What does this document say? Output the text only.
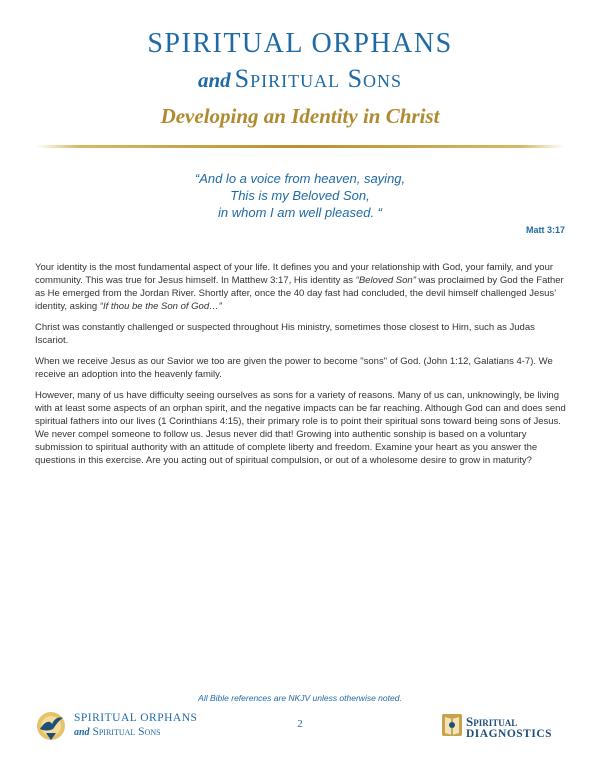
SPIRITUAL ORPHANS
and Spiritual Sons
Developing an Identity in Christ
“And lo a voice from heaven, saying,
This is my Beloved Son,
in whom I am well pleased. “
Matt 3:17

Your identity is the most fundamental aspect of your life. It defines you and your relationship with God, your family, and your community. This was true for Jesus himself. In Matthew 3:17, His identity as “Beloved Son” was proclaimed by God the Father as He emerged from the Jordan River. Shortly after, once the 40 day fast had concluded, the devil himself challenged Jesus’ identity, asking “If thou be the Son of God…”

Christ was constantly challenged or suspected throughout His ministry, sometimes those closest to Him, such as Judas Iscariot.

When we receive Jesus as our Savior we too are given the power to become "sons" of God. (John 1:12, Galatians 4-7). We receive an adoption into the heavenly family.

However, many of us have difficulty seeing ourselves as sons for a variety of reasons. Many of us can, unknowingly, be living with at least some aspects of an orphan spirit, and the negative impacts can be far reaching. Although God can and does send spiritual fathers into our lives (1 Corinthians 4:15), their primary role is to point their spiritual sons toward being sons of Jesus. We never compel someone to follow us. Jesus never did that! Growing into authentic sonship is based on a voluntary submission to spiritual authority with an attitude of complete liberty and freedom. Examine your heart as you answer the questions in this exercise. Are you acting out of spiritual compulsion, or out of a wholesome desire to grow in maturity?

All Bible references are NKJV unless otherwise noted.
SPIRITUAL ORPHANS
and Spiritual Sons
2	Spiritual
DIAGNOSTICS
